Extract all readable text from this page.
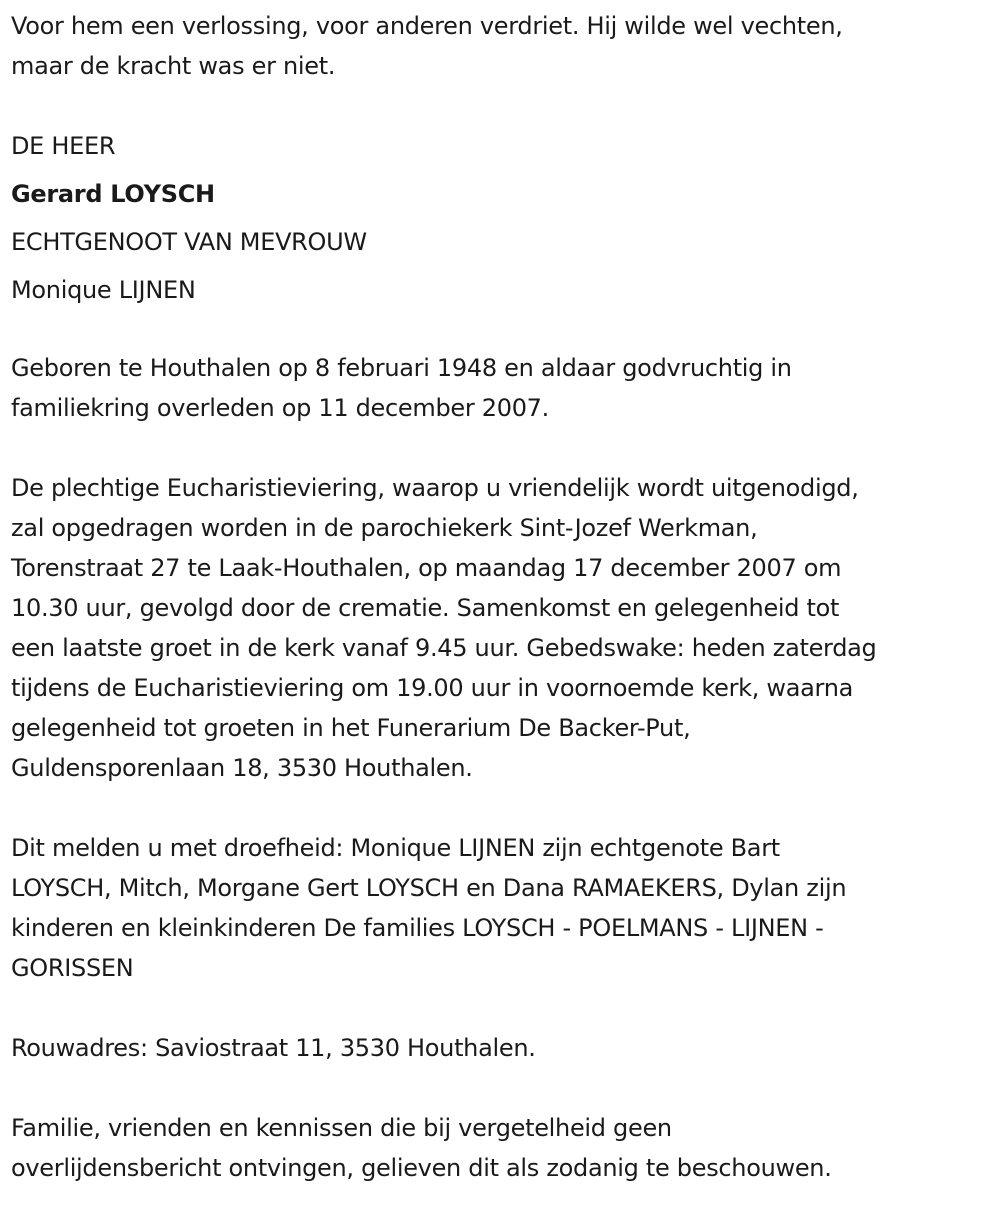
Voor hem een verlossing, voor anderen verdriet. Hij wilde wel vechten,

maar de kracht was er niet.

DE HEER

Gerard LOYSCH

ECHTGENOOT VAN MEVROUW

Monique LIJNEN

Geboren te Houthalen op 8 februari 1948 en aldaar godvruchtig in

familiekring overleden op 11 december 2007.

De plechtige Eucharistieviering, waarop u vriendelijk wordt uitgenodigd,

zal opgedragen worden in de parochiekerk Sint-Jozef Werkman,

Torenstraat 27 te Laak-Houthalen, op maandag 17 december 2007 om

10.30 uur, gevolgd door de crematie. Samenkomst en gelegenheid tot

een laatste groet in de kerk vanaf 9.45 uur. Gebedswake: heden zaterdag

tijdens de Eucharistieviering om 19.00 uur in voornoemde kerk, waarna

gelegenheid tot groeten in het Funerarium De Backer-Put,

Guldensporenlaan 18, 3530 Houthalen.

Dit melden u met droefheid: Monique LIJNEN zijn echtgenote Bart

LOYSCH, Mitch, Morgane Gert LOYSCH en Dana RAMAEKERS, Dylan zijn

kinderen en kleinkinderen De families LOYSCH - POELMANS - LIJNEN -

GORISSEN

Rouwadres: Saviostraat 11, 3530 Houthalen.

Familie, vrienden en kennissen die bij vergetelheid geen

overlijdensbericht ontvingen, gelieven dit als zodanig te beschouwen.
